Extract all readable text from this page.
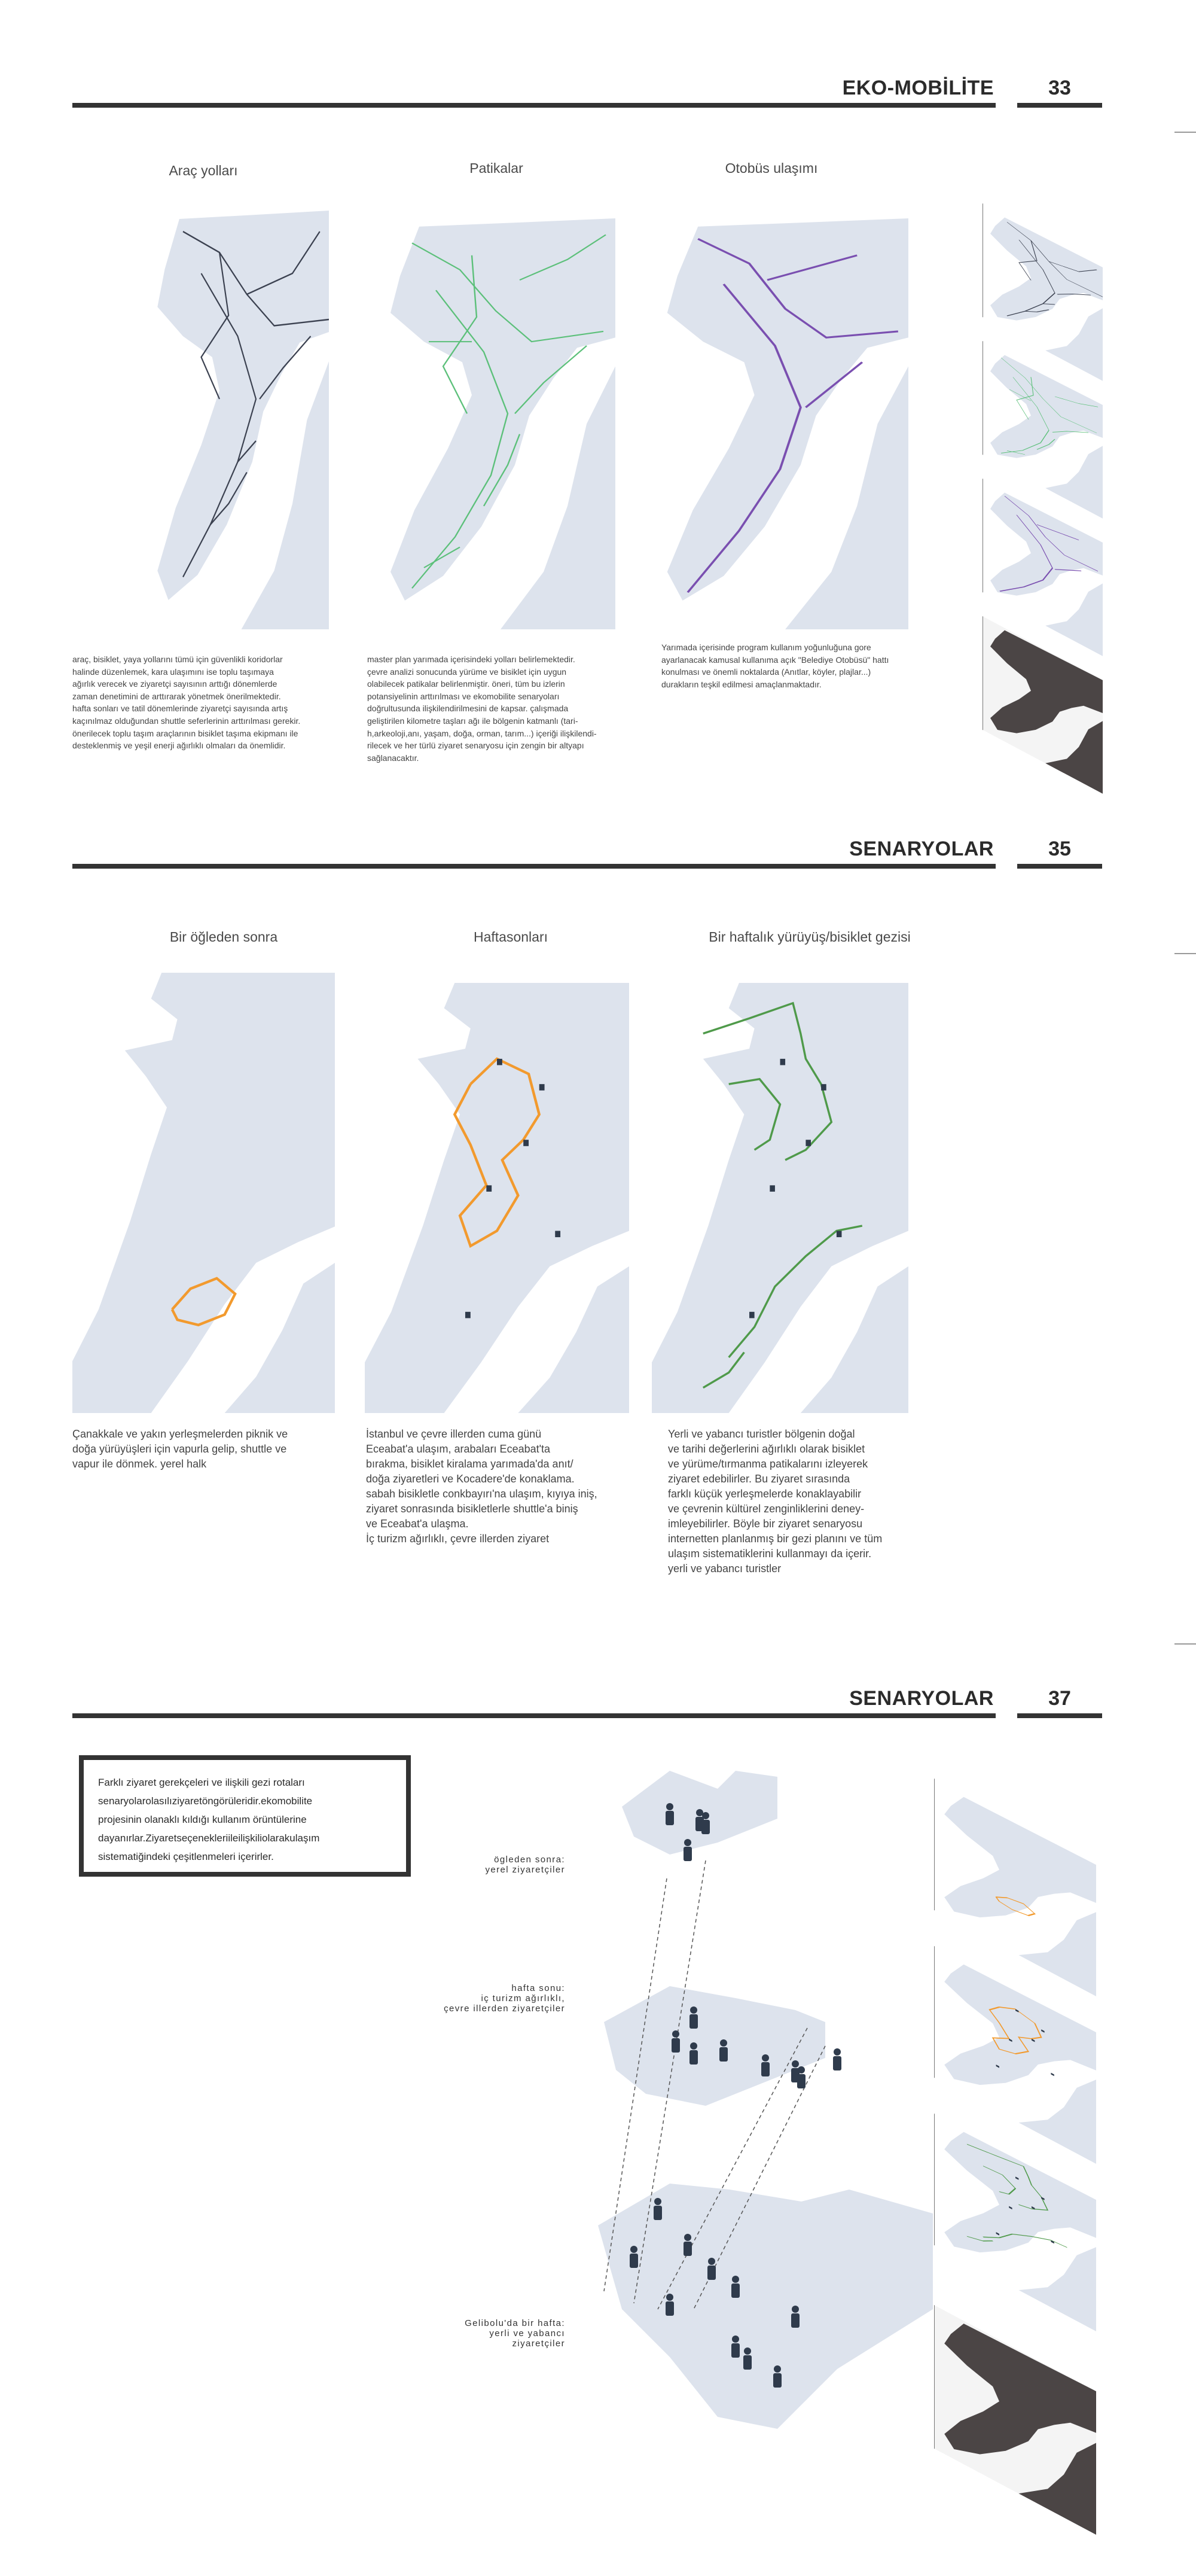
EKO-MOBİLİTE	33
Araç yolları	Patikalar	Otobüs ulaşımı
araç, bisiklet, yaya yollarını tümü için güvenlikli koridorlar
halinde düzenlemek, kara ulaşımını ise toplu taşımaya
ağırlık verecek ve ziyaretçi sayısının arttığı dönemlerde
zaman denetimini de arttırarak yönetmek önerilmektedir.
hafta sonları ve tatil dönemlerinde ziyaretçi sayısında artış
kaçınılmaz olduğundan shuttle seferlerinin arttırılması gerekir.
önerilecek toplu taşım araçlarının bisiklet taşıma ekipmanı ile
desteklenmiş ve yeşil enerji ağırlıklı olmaları da önemlidir.
master plan yarımada içerisindeki yolları belirlemektedir.
çevre analizi sonucunda yürüme ve bisiklet için uygun
olabilecek patikalar belirlenmiştir. öneri, tüm bu izlerin
potansiyelinin arttırılması ve ekomobilite senaryoları
doğrultusunda ilişkilendirilmesini de kapsar. çalışmada
geliştirilen kilometre taşları ağı ile bölgenin katmanlı (tari-
h,arkeoloji,anı, yaşam, doğa, orman, tarım...) içeriği ilişkilendi-
rilecek ve her türlü ziyaret senaryosu için zengin bir altyapı
sağlanacaktır.
Yarımada içerisinde program kullanım yoğunluğuna gore
ayarlanacak kamusal kullanıma açık "Belediye Otobüsü" hattı
konulması ve önemli noktalarda (Anıtlar, köyler, plajlar...)
durakların teşkil edilmesi amaçlanmaktadır.
SENARYOLAR	35
Bir öğleden sonra	Haftasonları	Bir haftalık yürüyüş/bisiklet gezisi
Çanakkale ve yakın yerleşmelerden piknik ve
doğa yürüyüşleri için vapurla gelip, shuttle ve
vapur ile dönmek. yerel halk
İstanbul ve çevre illerden cuma günü
Eceabat'a ulaşım, arabaları Eceabat'ta
bırakma, bisiklet kiralama yarımada'da anıt/
doğa ziyaretleri ve Kocadere'de konaklama.
sabah bisikletle conkbayırı'na ulaşım, kıyıya iniş,
ziyaret sonrasında bisikletlerle shuttle'a biniş
ve Eceabat'a ulaşma.
İç turizm ağırlıklı, çevre illerden ziyaret
Yerli ve yabancı turistler bölgenin doğal
ve tarihi değerlerini ağırlıklı olarak bisiklet
ve yürüme/tırmanma patikalarını izleyerek
ziyaret edebilirler. Bu ziyaret sırasında
farklı küçük yerleşmelerde konaklayabilir
ve çevrenin kültürel zenginliklerini deney-
imleyebilirler. Böyle bir ziyaret senaryosu
internetten planlanmış bir gezi planını ve tüm
ulaşım sistematiklerini kullanmayı da içerir.
yerli ve yabancı turistler
SENARYOLAR	37
Farklı ziyaret gerekçeleri ve ilişkili gezi rotaları
senaryolarolasılıziyaretöngörüleridir.ekomobilite
projesinin olanaklı kıldığı kullanım örüntülerine
dayanırlar.Ziyaretseçenekleriileilişkiliolarakulaşım
sistematiğindeki çeşitlenmeleri içerirler.	ögleden sonra:
yerel ziyaretçiler
hafta sonu:
iç turizm ağırlıklı,
çevre illerden ziyaretçiler
Gelibolu'da bir hafta:
yerli ve yabancı
ziyaretçiler
